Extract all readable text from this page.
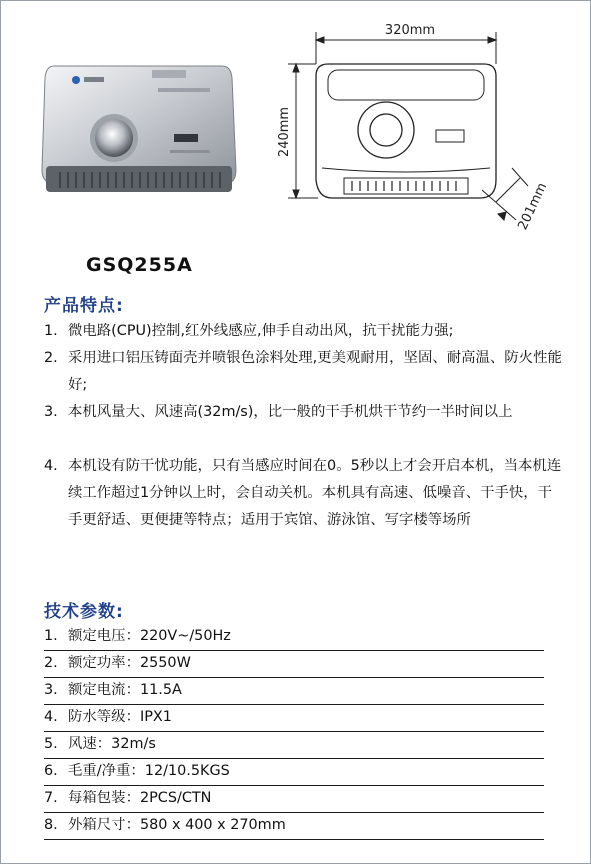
320mm
240mm
201mm
GSQ255A
产品特点:
1. 微电路(CPU)控制,红外线感应,伸手自动出风，抗干扰能力强;
2. 采用进口铝压铸面壳并喷银色涂料处理,更美观耐用，坚固、耐高温、防火性能好;
3. 本机风量大、风速高(32m/s)，比一般的干手机烘干节约一半时间以上
4. 本机设有防干忧功能，只有当感应时间在0。5秒以上才会开启本机，当本机连续工作超过1分钟以上时，会自动关机。本机具有高速、低噪音、干手快，干手更舒适、更便捷等特点；适用于宾馆、游泳馆、写字楼等场所
技术参数:
1. 额定电压：220V~/50Hz
2. 额定功率：2550W
3. 额定电流：11.5A
4. 防水等级：IPX1
5. 风速：32m/s
6. 毛重/净重：12/10.5KGS
7. 每箱包装：2PCS/CTN
8. 外箱尺寸：580 x 400 x 270mm
